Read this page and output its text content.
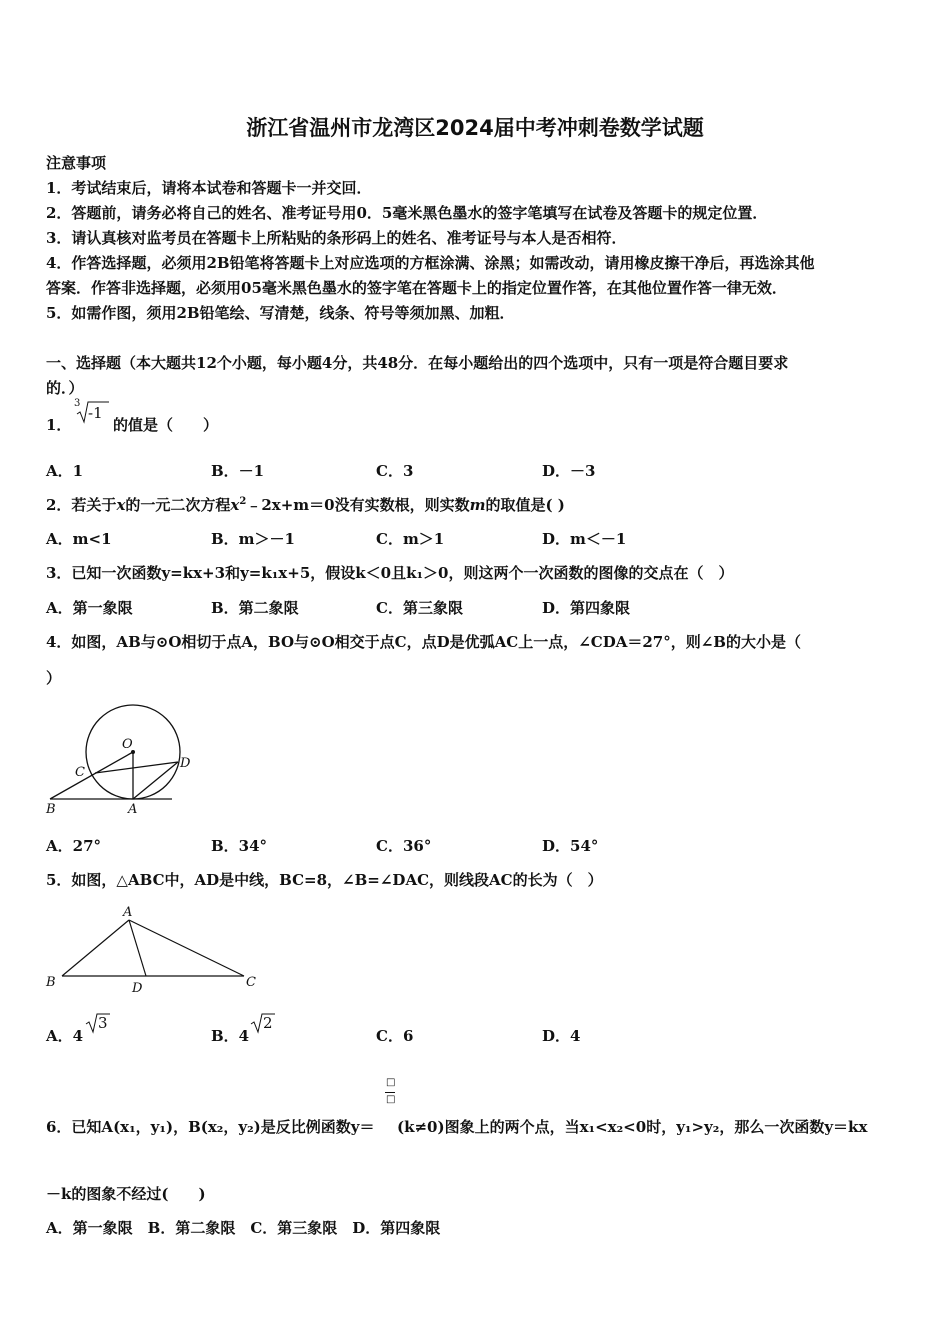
浙江省温州市龙湾区2024届中考冲刺卷数学试题
注意事项
1．考试结束后，请将本试卷和答题卡一并交回．
2．答题前，请务必将自己的姓名、准考证号用0．5毫米黑色墨水的签字笔填写在试卷及答题卡的规定位置．
3．请认真核对监考员在答题卡上所粘贴的条形码上的姓名、准考证号与本人是否相符．
4．作答选择题，必须用2B铅笔将答题卡上对应选项的方框涂满、涂黑；如需改动，请用橡皮擦干净后，再选涂其他
答案．作答非选择题，必须用05毫米黑色墨水的签字笔在答题卡上的指定位置作答，在其他位置作答一律无效．
5．如需作图，须用2B铅笔绘、写清楚，线条、符号等须加黑、加粗．
一、选择题（本大题共12个小题，每小题4分，共48分．在每小题给出的四个选项中，只有一项是符合题目要求
的．）
1．
3
-1
的值是（　　）
A．1	B．－1	C．3	D．－3
2．若关于x的一元二次方程$x^2﹣2x+m=0$没有实数根，则实数m的取值是( )
A．m<1	B．m＞－1	C．m＞1	D．m＜－1
3．已知一次函数y=kx+3和y=k₁x+5，假设k＜0且k₁＞0，则这两个一次函数的图像的交点在（　）
A．第一象限	B．第二象限	C．第三象限	D．第四象限
4．如图，AB与⊙O相切于点A，BO与⊙O相交于点C，点D是优弧AC上一点，∠CDA＝27°，则∠B的大小是（
）
O
C
D
B	A
A．27°	B．34°	C．36°	D．54°
5．如图，△ABC中，AD是中线，BC=8，∠B=∠DAC，则线段AC的长为（　）
A
B	C
D
A．4
3
B．4
2
C．6	D．4
□
□
6．已知A(x₁，y₁)，B(x₂，y₂)是反比例函数y＝ (k≠0)图象上的两个点，当x₁<x₂<0时，y₁>y₂，那么一次函数y＝kx
－k的图象不经过(　　)
A．第一象限　B．第二象限　C．第三象限　D．第四象限
